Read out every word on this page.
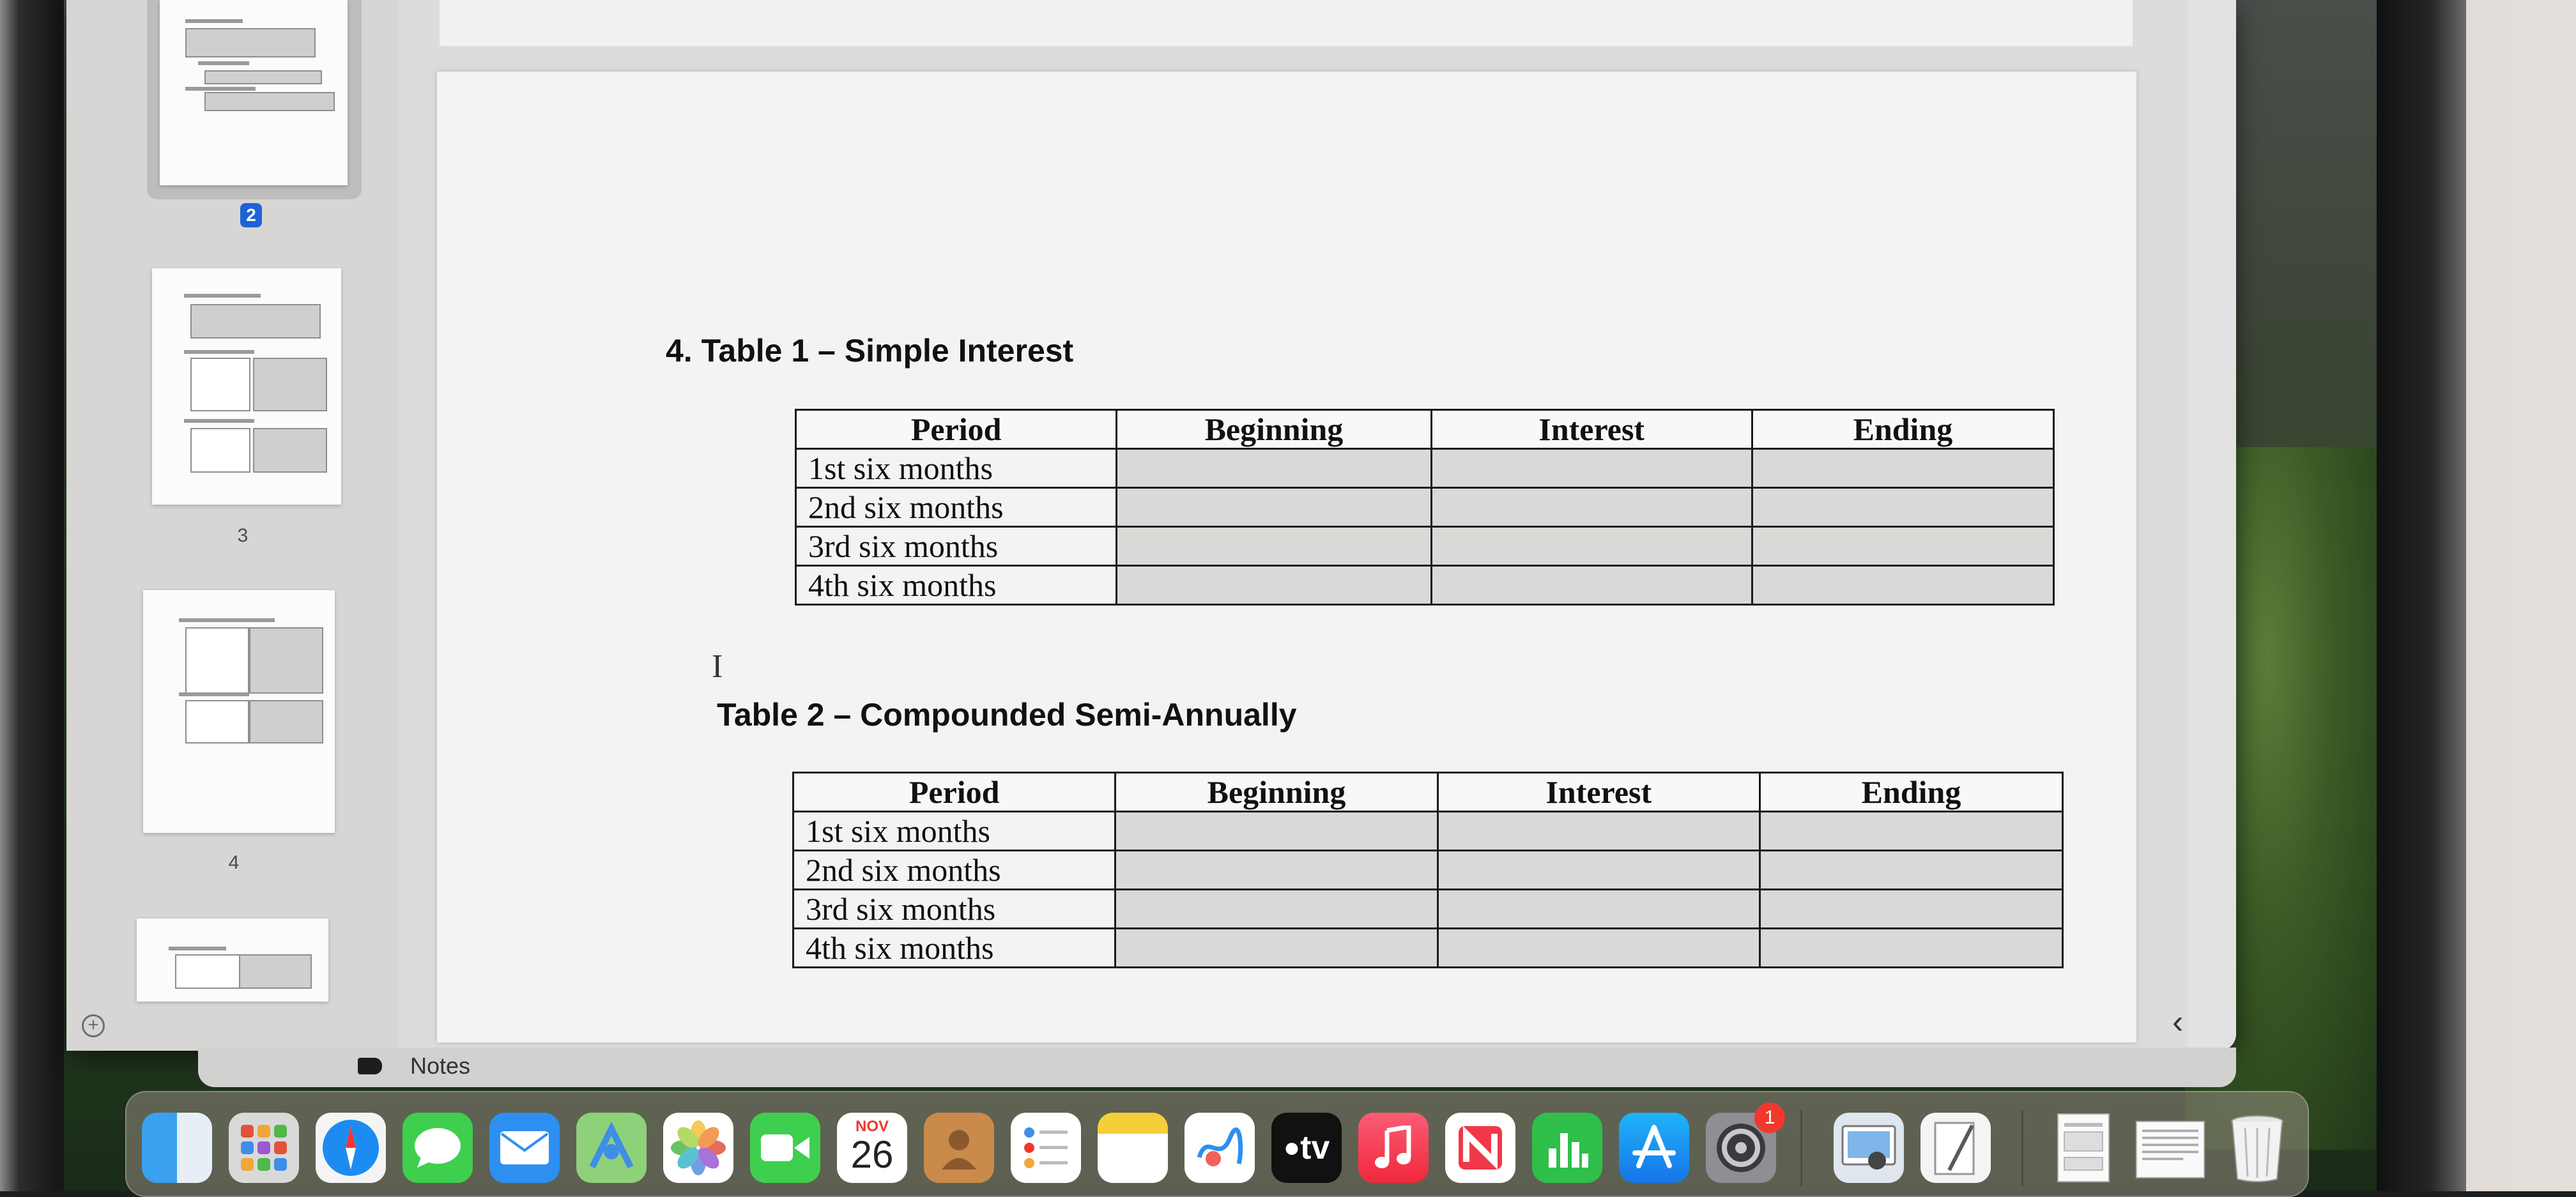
2
3
4
+
4. Table 1 – Simple Interest
Period	Beginning	Interest	Ending
1st six months			
2nd six months			
3rd six months			
4th six months			
I
Table 2 – Compounded Semi-Annually
Period	Beginning	Interest	Ending
1st six months			
2nd six months			
3rd six months			
4th six months			
‹
Notes
NOV
26	● tv
1
